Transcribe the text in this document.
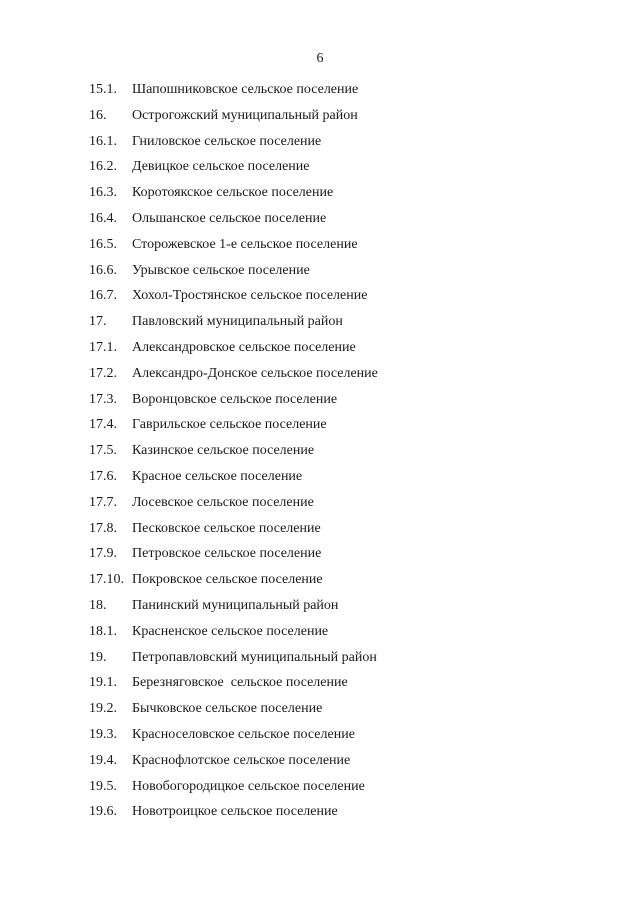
6
15.1. Шапошниковское сельское поселение
16. Острогожский муниципальный район
16.1. Гниловское сельское поселение
16.2. Девицкое сельское поселение
16.3. Коротоякское сельское поселение
16.4. Ольшанское сельское поселение
16.5. Сторожевское 1-е сельское поселение
16.6. Урывское сельское поселение
16.7. Хохол-Тростянское сельское поселение
17. Павловский муниципальный район
17.1. Александровское сельское поселение
17.2. Александро-Донское сельское поселение
17.3. Воронцовское сельское поселение
17.4. Гаврильское сельское поселение
17.5. Казинское сельское поселение
17.6. Красное сельское поселение
17.7. Лосевское сельское поселение
17.8. Песковское сельское поселение
17.9. Петровское сельское поселение
17.10. Покровское сельское поселение
18. Панинский муниципальный район
18.1. Красненское сельское поселение
19. Петропавловский муниципальный район
19.1. Березняговское  сельское поселение
19.2. Бычковское сельское поселение
19.3. Красноселовское сельское поселение
19.4. Краснофлотское сельское поселение
19.5. Новобогородицкое сельское поселение
19.6. Новотроицкое сельское поселение
